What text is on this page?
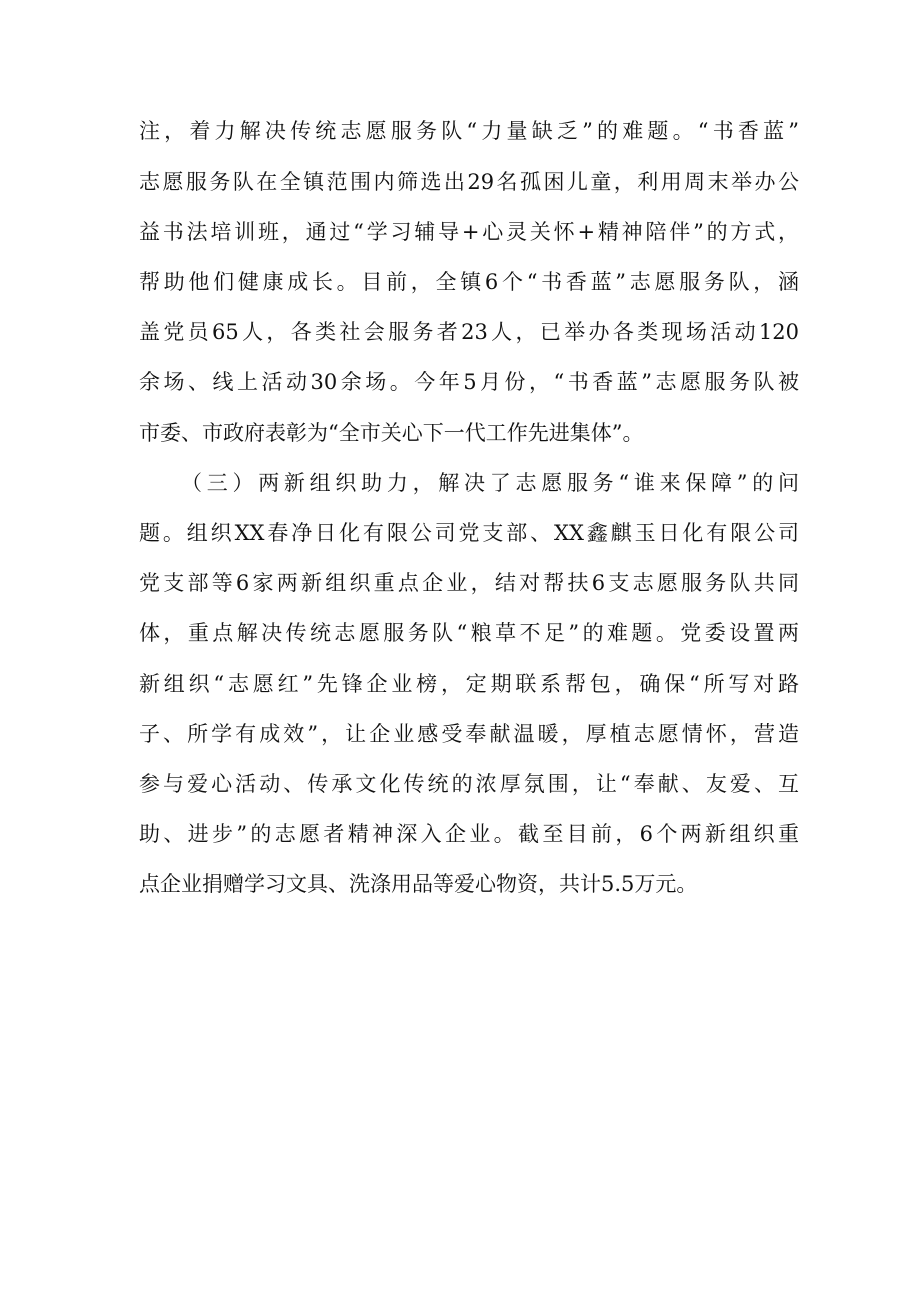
注，着力解决传统志愿服务队“力量缺乏”的难题。“书香蓝”
志愿服务队在全镇范围内筛选出29名孤困儿童，利用周末举办公
益书法培训班，通过“学习辅导+心灵关怀+精神陪伴”的方式，
帮助他们健康成长。目前，全镇6个“书香蓝”志愿服务队，涵
盖党员65人，各类社会服务者23人，已举办各类现场活动120
余场、线上活动30余场。今年5月份，“书香蓝”志愿服务队被
市委、市政府表彰为“全市关心下一代工作先进集体”。
（三）两新组织助力，解决了志愿服务“谁来保障”的问
题。组织XX春净日化有限公司党支部、XX鑫麒玉日化有限公司
党支部等6家两新组织重点企业，结对帮扶6支志愿服务队共同
体，重点解决传统志愿服务队“粮草不足”的难题。党委设置两
新组织“志愿红”先锋企业榜，定期联系帮包，确保“所写对路
子、所学有成效”，让企业感受奉献温暖，厚植志愿情怀，营造
参与爱心活动、传承文化传统的浓厚氛围，让“奉献、友爱、互
助、进步”的志愿者精神深入企业。截至目前，6个两新组织重
点企业捐赠学习文具、洗涤用品等爱心物资，共计5.5万元。
